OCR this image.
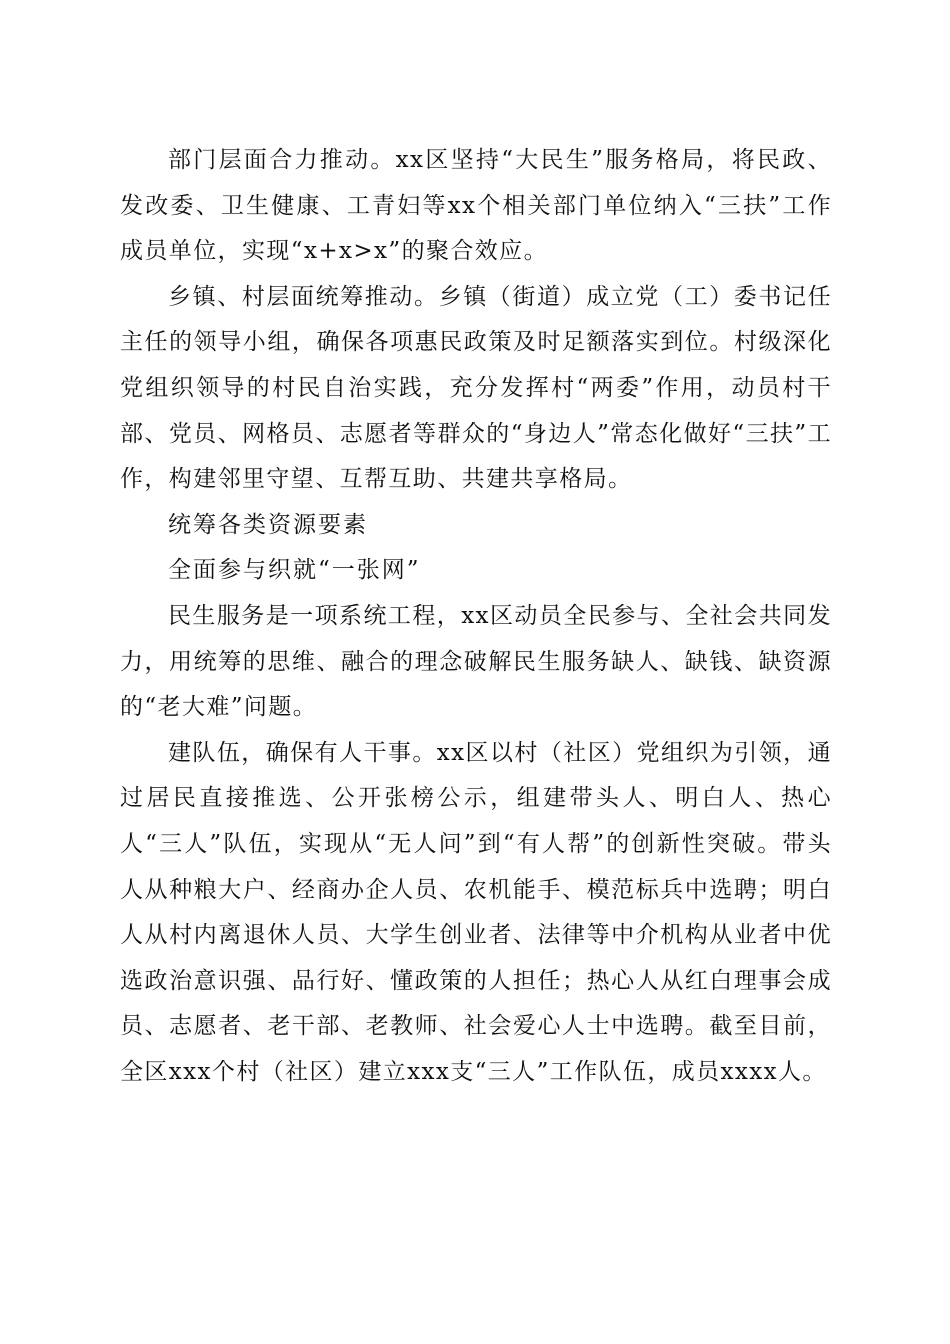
部门层面合力推动。xx区坚持“大民生”服务格局，将民政、发改委、卫生健康、工青妇等xx个相关部门单位纳入“三扶”工作成员单位，实现“x+x>x”的聚合效应。

乡镇、村层面统筹推动。乡镇（街道）成立党（工）委书记任主任的领导小组，确保各项惠民政策及时足额落实到位。村级深化党组织领导的村民自治实践，充分发挥村“两委”作用，动员村干部、党员、网格员、志愿者等群众的“身边人”常态化做好“三扶”工作，构建邻里守望、互帮互助、共建共享格局。

统筹各类资源要素

全面参与织就“一张网”

民生服务是一项系统工程，xx区动员全民参与、全社会共同发力，用统筹的思维、融合的理念破解民生服务缺人、缺钱、缺资源的“老大难”问题。

建队伍，确保有人干事。xx区以村（社区）党组织为引领，通过居民直接推选、公开张榜公示，组建带头人、明白人、热心人“三人”队伍，实现从“无人问”到“有人帮”的创新性突破。带头人从种粮大户、经商办企人员、农机能手、模范标兵中选聘；明白人从村内离退休人员、大学生创业者、法律等中介机构从业者中优选政治意识强、品行好、懂政策的人担任；热心人从红白理事会成员、志愿者、老干部、老教师、社会爱心人士中选聘。截至目前，全区xxx个村（社区）建立xxx支“三人”工作队伍，成员xxxx人。
